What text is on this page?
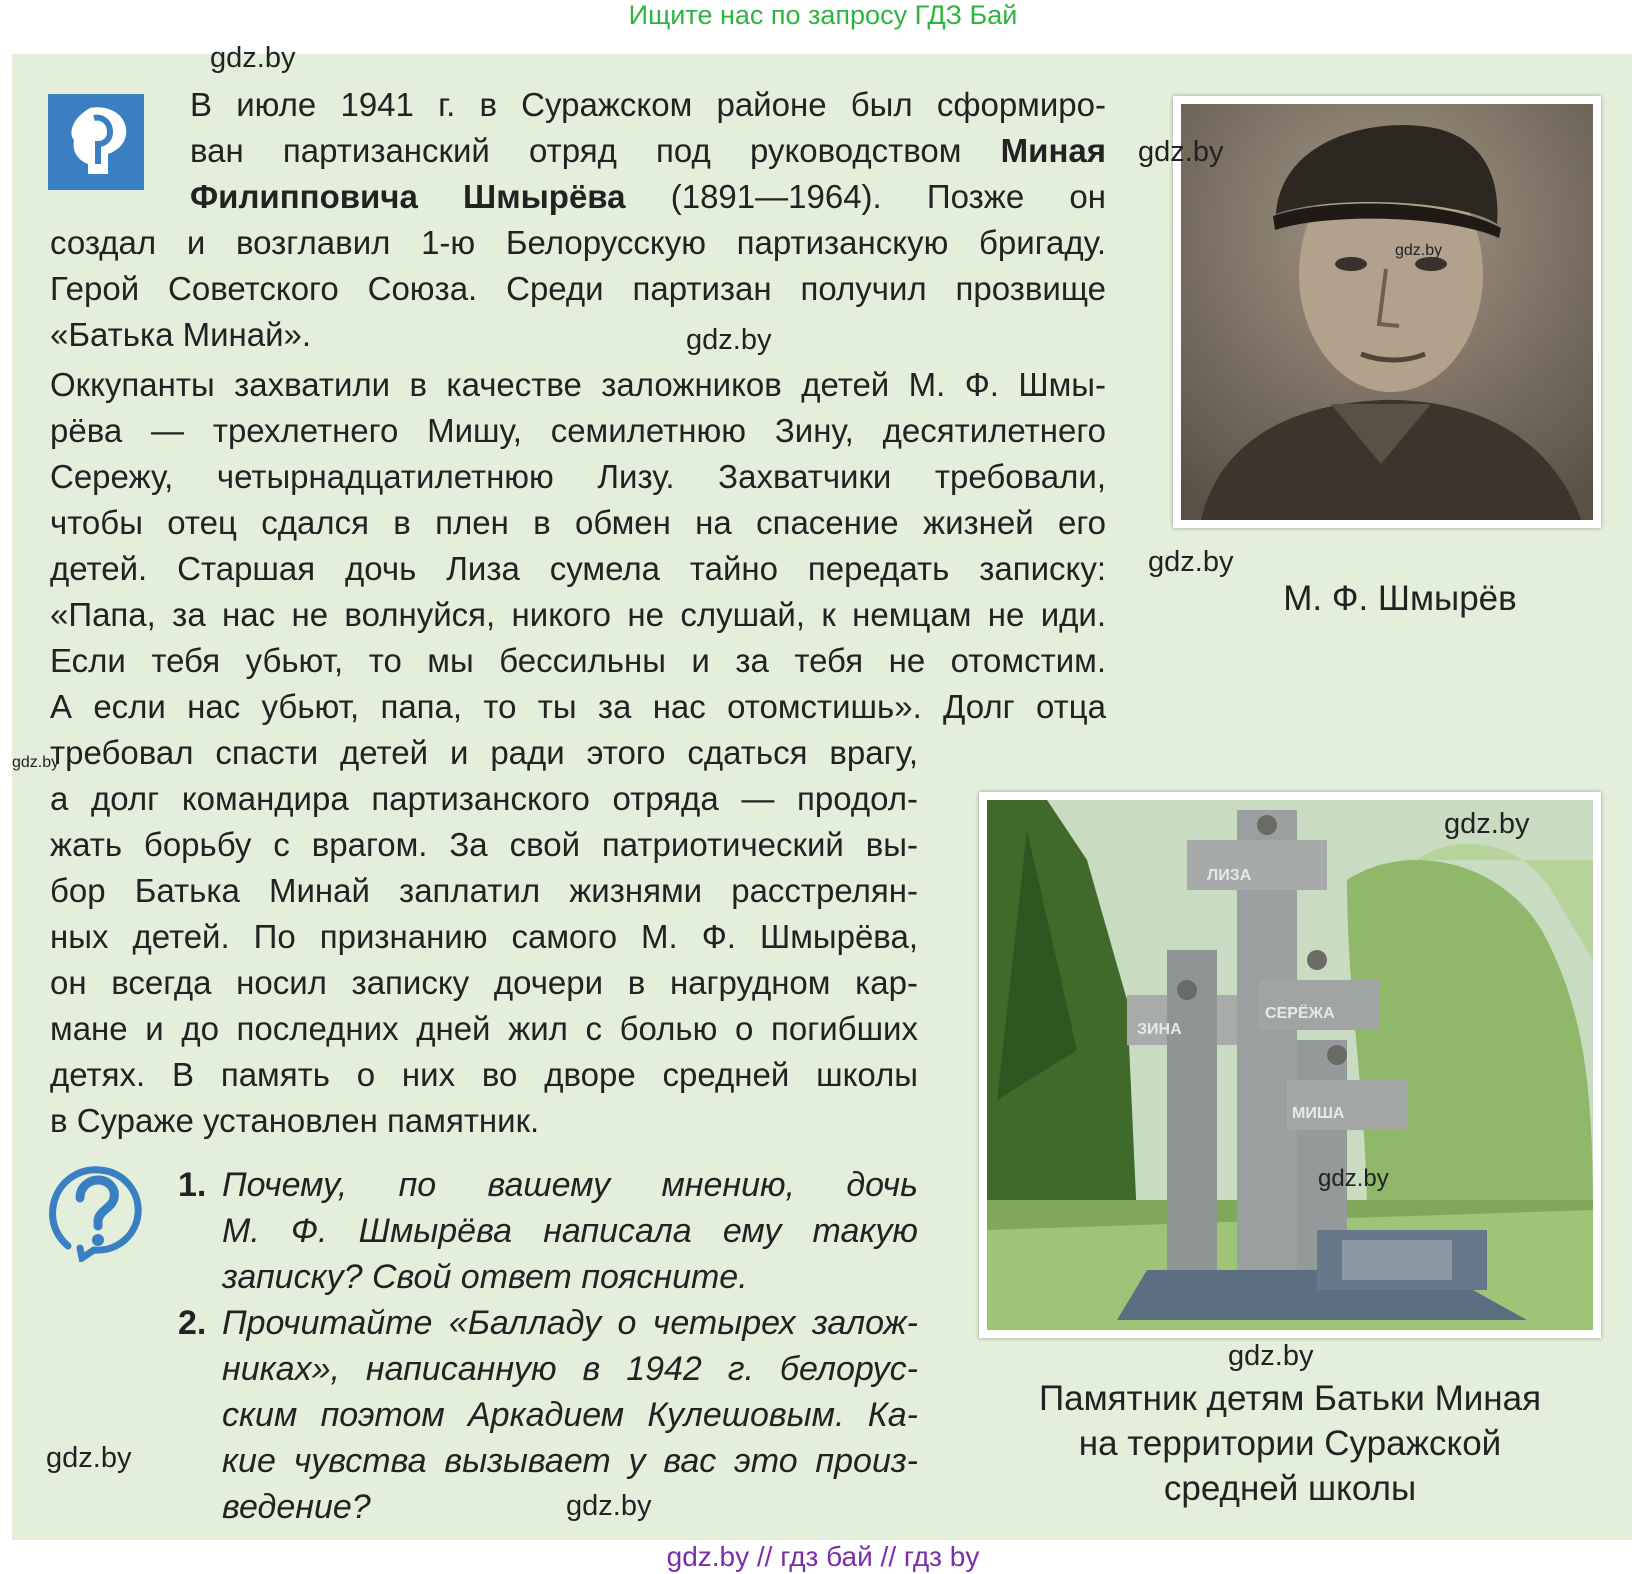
Ищите нас по запросу ГДЗ Бай
В июле 1941 г. в Суражском районе был сформиро-
ван партизанский отряд под руководством Миная
Филипповича Шмырёва (1891—1964). Позже он
создал и возглавил 1-ю Белорусскую партизанскую бригаду.
Герой Советского Союза. Среди партизан получил прозвище
«Батька Минай».
Оккупанты захватили в качестве заложников детей М. Ф. Шмы-
рёва — трехлетнего Мишу, семилетнюю Зину, десятилетнего
Сережу, четырнадцатилетнюю Лизу. Захватчики требовали,
чтобы отец сдался в плен в обмен на спасение жизней его
детей. Старшая дочь Лиза сумела тайно передать записку:
«Папа, за нас не волнуйся, никого не слушай, к немцам не иди.
Если тебя убьют, то мы бессильны и за тебя не отомстим.
А если нас убьют, папа, то ты за нас отомстишь». Долг отца
требовал спасти детей и ради этого сдаться врагу,
а долг командира партизанского отряда — продол-
жать борьбу с врагом. За свой патриотический вы-
бор Батька Минай заплатил жизнями расстрелян-
ных детей. По признанию самого М. Ф. Шмырёва,
он всегда носил записку дочери в нагрудном кар-
мане и до последних дней жил с болью о погибших
детях. В память о них во дворе средней школы
в Сураже установлен памятник.
1. Почему, по вашему мнению, дочь
М. Ф. Шмырёва написала ему такую
записку? Свой ответ поясните.
2. Прочитайте «Балладу о четырех залож-
никах», написанную в 1942 г. белорус-
ским поэтом Аркадием Кулешовым. Ка-
кие чувства вызывает у вас это произ-
ведение?
М. Ф. Шмырёв
ЛИЗА
СЕРЁЖА
ЗИНА
МИША
Памятник детям Батьки Миная
на территории Суражской
средней школы
gdz.by
gdz.by
gdz.by
gdz.by
gdz.by
gdz.by
gdz.by
gdz.by
gdz.by
gdz.by
gdz.by
gdz.by // гдз бай // гдз by
